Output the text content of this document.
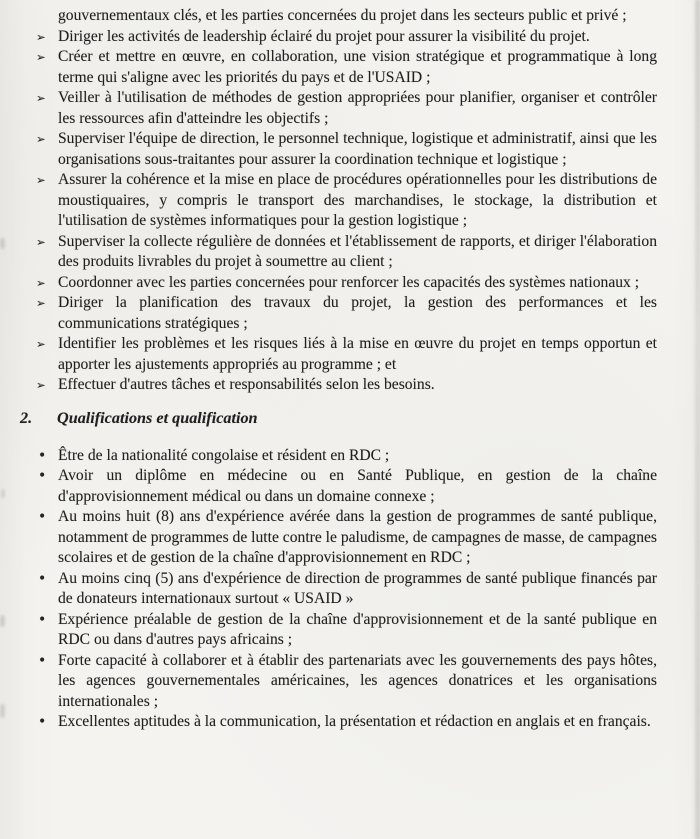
gouvernementaux clés, et les parties concernées du projet dans les secteurs public et privé ;

➢ Diriger les activités de leadership éclairé du projet pour assurer la visibilité du projet.
➢ Créer et mettre en œuvre, en collaboration, une vision stratégique et programmatique à long terme qui s'aligne avec les priorités du pays et de l'USAID ;
➢ Veiller à l'utilisation de méthodes de gestion appropriées pour planifier, organiser et contrôler les ressources afin d'atteindre les objectifs ;
➢ Superviser l'équipe de direction, le personnel technique, logistique et administratif, ainsi que les organisations sous-traitantes pour assurer la coordination technique et logistique ;
➢ Assurer la cohérence et la mise en place de procédures opérationnelles pour les distributions de moustiquaires, y compris le transport des marchandises, le stockage, la distribution et l'utilisation de systèmes informatiques pour la gestion logistique ;
➢ Superviser la collecte régulière de données et l'établissement de rapports, et diriger l'élaboration des produits livrables du projet à soumettre au client ;
➢ Coordonner avec les parties concernées pour renforcer les capacités des systèmes nationaux ;
➢ Diriger la planification des travaux du projet, la gestion des performances et les communications stratégiques ;
➢ Identifier les problèmes et les risques liés à la mise en œuvre du projet en temps opportun et apporter les ajustements appropriés au programme ; et
➢ Effectuer d'autres tâches et responsabilités selon les besoins.
2. Qualifications et qualification
• Être de la nationalité congolaise et résident en RDC ;
• Avoir un diplôme en médecine ou en Santé Publique, en gestion de la chaîne d'approvisionnement médical ou dans un domaine connexe ;
• Au moins huit (8) ans d'expérience avérée dans la gestion de programmes de santé publique, notamment de programmes de lutte contre le paludisme, de campagnes de masse, de campagnes scolaires et de gestion de la chaîne d'approvisionnement en RDC ;
• Au moins cinq (5) ans d'expérience de direction de programmes de santé publique financés par de donateurs internationaux surtout « USAID »
• Expérience préalable de gestion de la chaîne d'approvisionnement et de la santé publique en RDC ou dans d'autres pays africains ;
• Forte capacité à collaborer et à établir des partenariats avec les gouvernements des pays hôtes, les agences gouvernementales américaines, les agences donatrices et les organisations internationales ;
• Excellentes aptitudes à la communication, la présentation et rédaction en anglais et en français.
